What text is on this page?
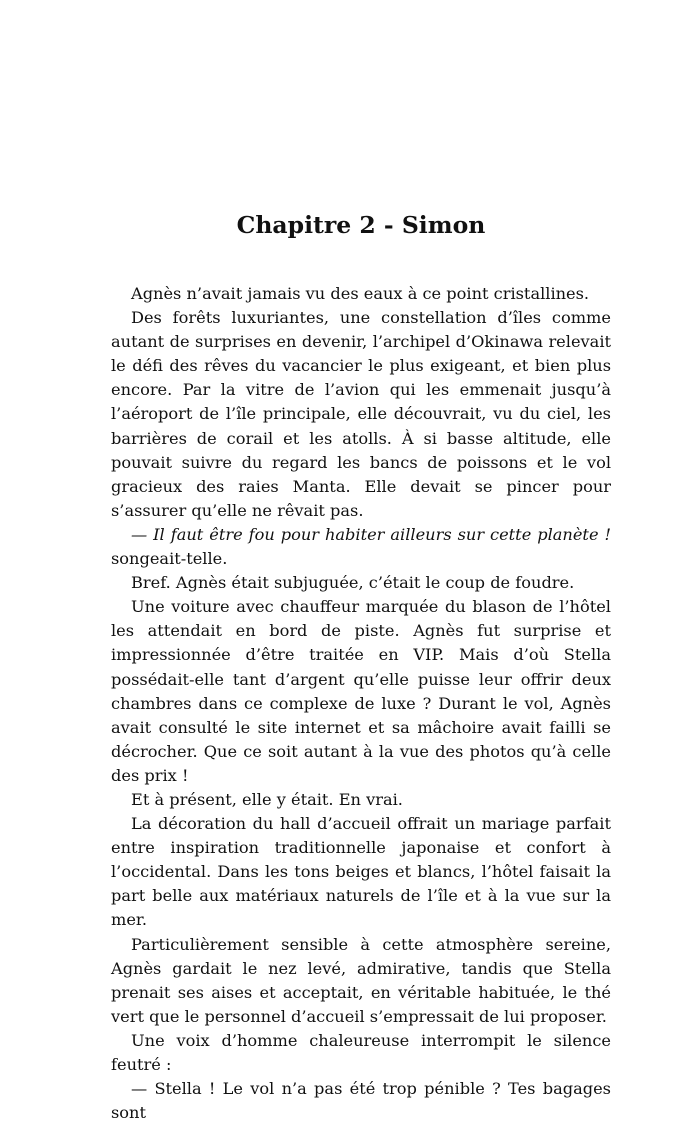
Chapitre 2 - Simon

Agnès n’avait jamais vu des eaux à ce point cristallines.

Des forêts luxuriantes, une constellation d’îles comme autant de surprises en devenir, l’archipel d’Okinawa relevait le défi des rêves du vacancier le plus exigeant, et bien plus encore. Par la vitre de l’avion qui les emmenait jusqu’à l’aéroport de l’île principale, elle découvrait, vu du ciel, les barrières de corail et les atolls. À si basse altitude, elle pouvait suivre du regard les bancs de poissons et le vol gracieux des raies Manta. Elle devait se pincer pour s’assurer qu’elle ne rêvait pas.

— Il faut être fou pour habiter ailleurs sur cette planète ! songeait-telle.

Bref. Agnès était subjuguée, c’était le coup de foudre.

Une voiture avec chauffeur marquée du blason de l’hôtel les attendait en bord de piste. Agnès fut surprise et impressionnée d’être traitée en VIP. Mais d’où Stella possédait-elle tant d’argent qu’elle puisse leur offrir deux chambres dans ce complexe de luxe ? Durant le vol, Agnès avait consulté le site internet et sa mâchoire avait failli se décrocher. Que ce soit autant à la vue des photos qu’à celle des prix !

Et à présent, elle y était. En vrai.

La décoration du hall d’accueil offrait un mariage parfait entre inspiration traditionnelle japonaise et confort à l’occidental. Dans les tons beiges et blancs, l’hôtel faisait la part belle aux matériaux naturels de l’île et à la vue sur la mer.

Particulièrement sensible à cette atmosphère sereine, Agnès gardait le nez levé, admirative, tandis que Stella prenait ses aises et acceptait, en véritable habituée, le thé vert que le personnel d’accueil s’empressait de lui proposer.

Une voix d’homme chaleureuse interrompit le silence feutré :

— Stella ! Le vol n’a pas été trop pénible ? Tes bagages sont
